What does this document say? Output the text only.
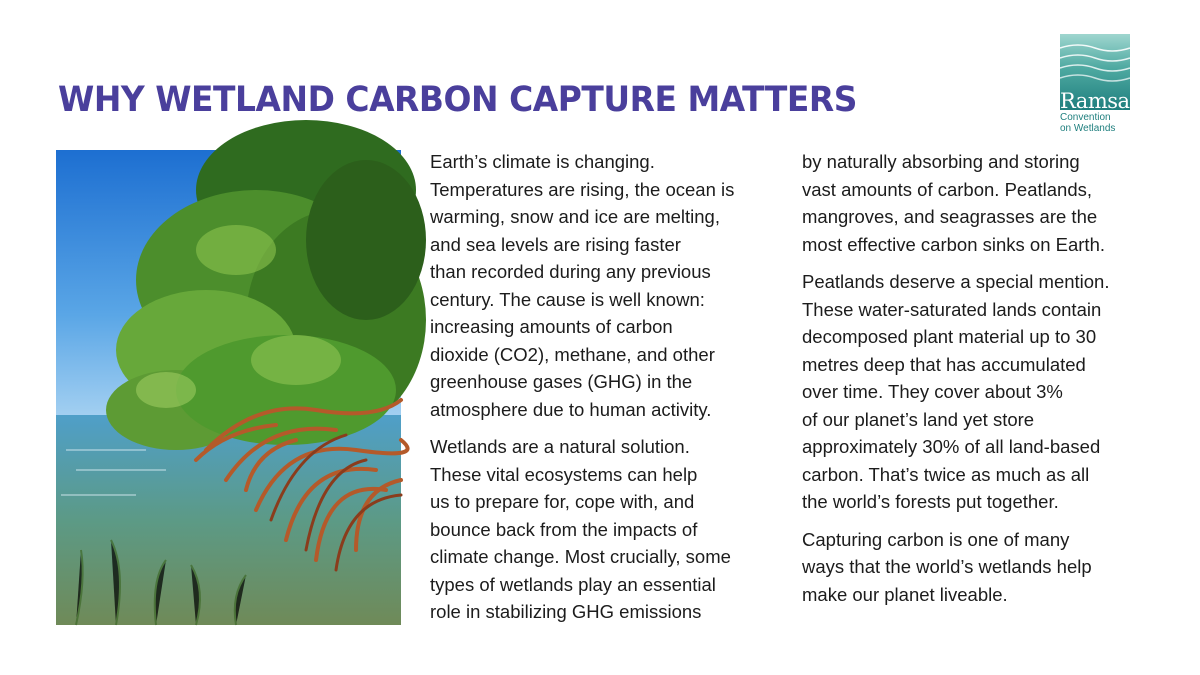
WHY WETLAND CARBON CAPTURE MATTERS	Ramsar
Convention
on Wetlands

Earth’s climate is changing.
Temperatures are rising, the ocean is
warming, snow and ice are melting,
and sea levels are rising faster
than recorded during any previous
century. The cause is well known:
increasing amounts of carbon
dioxide (CO2), methane, and other
greenhouse gases (GHG) in the
atmosphere due to human activity.

Wetlands are a natural solution.
These vital ecosystems can help
us to prepare for, cope with, and
bounce back from the impacts of
climate change. Most crucially, some
types of wetlands play an essential
role in stabilizing GHG emissions

by naturally absorbing and storing
vast amounts of carbon. Peatlands,
mangroves, and seagrasses are the
most effective carbon sinks on Earth.

Peatlands deserve a special mention.
These water-saturated lands contain
decomposed plant material up to 30
metres deep that has accumulated
over time. They cover about 3%
of our planet’s land yet store
approximately 30% of all land-based
carbon. That’s twice as much as all
the world’s forests put together.

Capturing carbon is one of many
ways that the world’s wetlands help
make our planet liveable.
